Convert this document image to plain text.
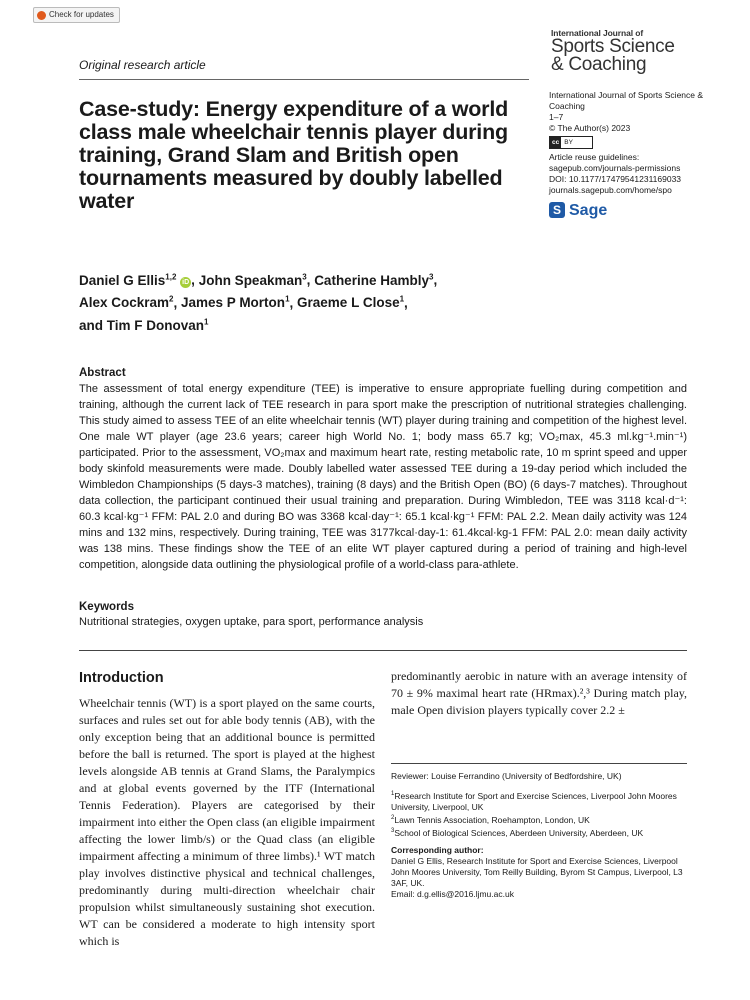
Check for updates
Original research article
International Journal of
Sports Science
& Coaching
International Journal of Sports Science & Coaching
1–7
© The Author(s) 2023
cc BY
Article reuse guidelines:
sagepub.com/journals-permissions
DOI: 10.1177/17479541231169033
journals.sagepub.com/home/spo
S Sage
Case-study: Energy expenditure of a world class male wheelchair tennis player during training, Grand Slam and British open tournaments measured by doubly labelled water
Daniel G Ellis$^{1,2}$ iD , John Speakman$^3$, Catherine Hambly$^3$,
Alex Cockram$^2$, James P Morton$^1$, Graeme L Close$^1$,
and Tim F Donovan$^1$
Abstract
The assessment of total energy expenditure (TEE) is imperative to ensure appropriate fuelling during competition and training, although the current lack of TEE research in para sport make the prescription of nutritional strategies challenging. This study aimed to assess TEE of an elite wheelchair tennis (WT) player during training and competition of the highest level. One male WT player (age 23.6 years; career high World No. 1; body mass 65.7 kg; VO₂max, 45.3 ml.kg⁻¹.min⁻¹) participated. Prior to the assessment, VO₂max and maximum heart rate, resting metabolic rate, 10 m sprint speed and upper body skinfold measurements were made. Doubly labelled water assessed TEE during a 19-day period which included the Wimbledon Championships (5 days-3 matches), training (8 days) and the British Open (BO) (6 days-7 matches). Throughout data collection, the participant continued their usual training and preparation. During Wimbledon, TEE was 3118 kcal·d⁻¹: 60.3 kcal·kg⁻¹ FFM: PAL 2.0 and during BO was 3368 kcal·day⁻¹: 65.1 kcal·kg⁻¹ FFM: PAL 2.2. Mean daily activity was 124 mins and 132 mins, respectively. During training, TEE was 3177kcal·day-1: 61.4kcal·kg-1 FFM: PAL 2.0: mean daily activity was 138 mins. These findings show the TEE of an elite WT player captured during a period of training and high-level competition, alongside data outlining the physiological profile of a world-class para-athlete.
Keywords
Nutritional strategies, oxygen uptake, para sport, performance analysis
Introduction
Wheelchair tennis (WT) is a sport played on the same courts, surfaces and rules set out for able body tennis (AB), with the only exception being that an additional bounce is permitted before the ball is returned. The sport is played at the highest levels alongside AB tennis at Grand Slams, the Paralympics and at global events governed by the ITF (International Tennis Federation). Players are categorised by their impairment into either the Open class (an eligible impairment affecting the lower limb/s) or the Quad class (an eligible impairment affecting a minimum of three limbs).¹ WT match play involves distinctive physical and technical challenges, predominantly during multi-direction wheelchair chair propulsion whilst simultaneously sustaining shot execution. WT can be considered a moderate to high intensity sport which is
predominantly aerobic in nature with an average intensity of 70 ± 9% maximal heart rate (HRmax).²,³ During match play, male Open division players typically cover 2.2 ±

Reviewer: Louise Ferrandino (University of Bedfordshire, UK)

$^1$Research Institute for Sport and Exercise Sciences, Liverpool John Moores University, Liverpool, UK
$^2$Lawn Tennis Association, Roehampton, London, UK

$^3$School of Biological Sciences, Aberdeen University, Aberdeen, UK

Corresponding author:
Daniel G Ellis, Research Institute for Sport and Exercise Sciences, Liverpool John Moores University, Tom Reilly Building, Byrom St Campus, Liverpool, L3 3AF, UK.
Email: d.g.ellis@2016.ljmu.ac.uk
